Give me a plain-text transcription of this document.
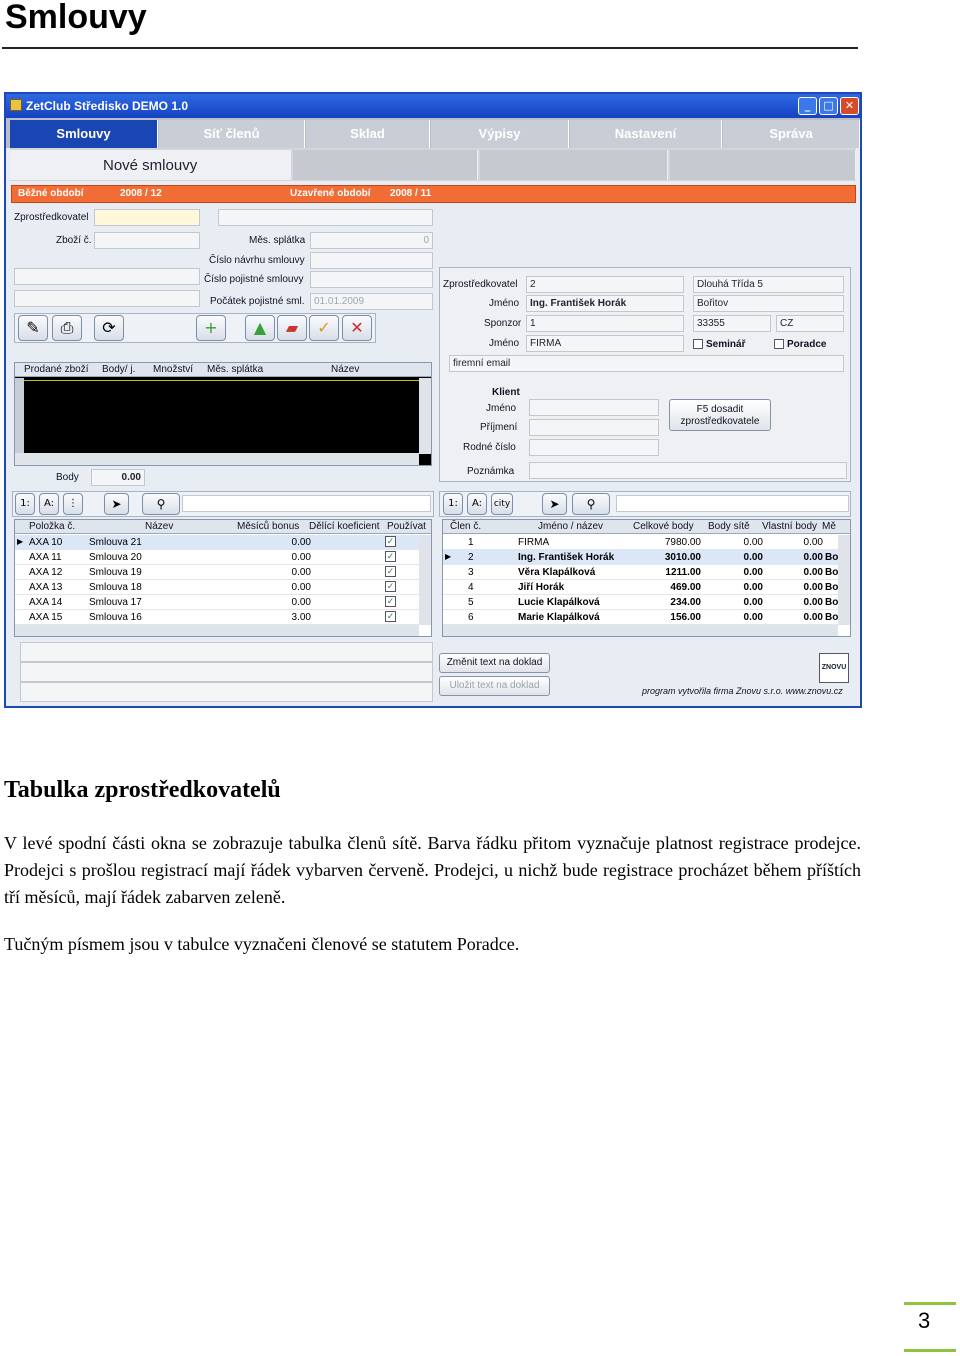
Smlouvy
ZetClub Středisko DEMO 1.0	_	□	✕
Smlouvy	Síť členů	Sklad	Výpisy	Nastavení	Správa
Nové smlouvy
Běžné období	2008 / 12	Uzavřené období 2008 / 11
Zprostředkovatel
Zboží č.	Měs. splátka	0
Číslo návrhu smlouvy
Číslo pojistné smlouvy
Počátek pojistné sml. 01.01.2009
✎	⎙	⟳	+	▲	▰	✓	✕
Prodané zboží Body/ j. Množství Měs. splátka	Název
Body	0.00
Zprostředkovatel	2	Dlouhá Třída 5
Jméno	Ing. František Horák	Bořitov
Sponzor 1	33355	CZ
Jméno	FIRMA	Seminář	Poradce
firemní email
Klient
Jméno
Příjmení
Rodné číslo
Poznámka
F5 dosadit zprostředkovatele
1:	A:	⋮	➤	⚲
Položka č.	Název	Měsíců bonus Dělící koeficient Používat
▶ AXA 10	Smlouva 21	0.00	✓
AXA 11	Smlouva 20	0.00	✓
AXA 12	Smlouva 19	0.00	✓
AXA 13	Smlouva 18	0.00	✓
AXA 14	Smlouva 17	0.00	✓
AXA 15	Smlouva 16	3.00	✓
1:	A:	city	➤	⚲
Člen č.	Jméno / název	Celkové body Body sítě Vlastní body Mě
1	FIRMA	7980.00	0.00	0.00
▶ 2	Ing. František Horák	3010.00	0.00	0.00 Bo
3	Věra Klapálková	1211.00	0.00	0.00 Bo
4	Jiří Horák	469.00	0.00	0.00 Bo
5	Lucie Klapálková	234.00	0.00	0.00 Bo
6	Marie Klapálková	156.00	0.00	0.00 Bo
Změnit text na doklad
Uložit text na doklad
ZNOVU
program vytvořila firma Znovu s.r.o. www.znovu.cz
Tabulka zprostředkovatelů
V levé spodní části okna se zobrazuje tabulka členů sítě. Barva řádku přitom vyznačuje platnost registrace prodejce. Prodejci s prošlou registrací mají řádek vybarven červeně. Prodejci, u nichž bude registrace procházet během příštích tří měsíců, mají řádek zabarven zeleně.
Tučným písmem jsou v tabulce vyznačeni členové se statutem Poradce.
3
